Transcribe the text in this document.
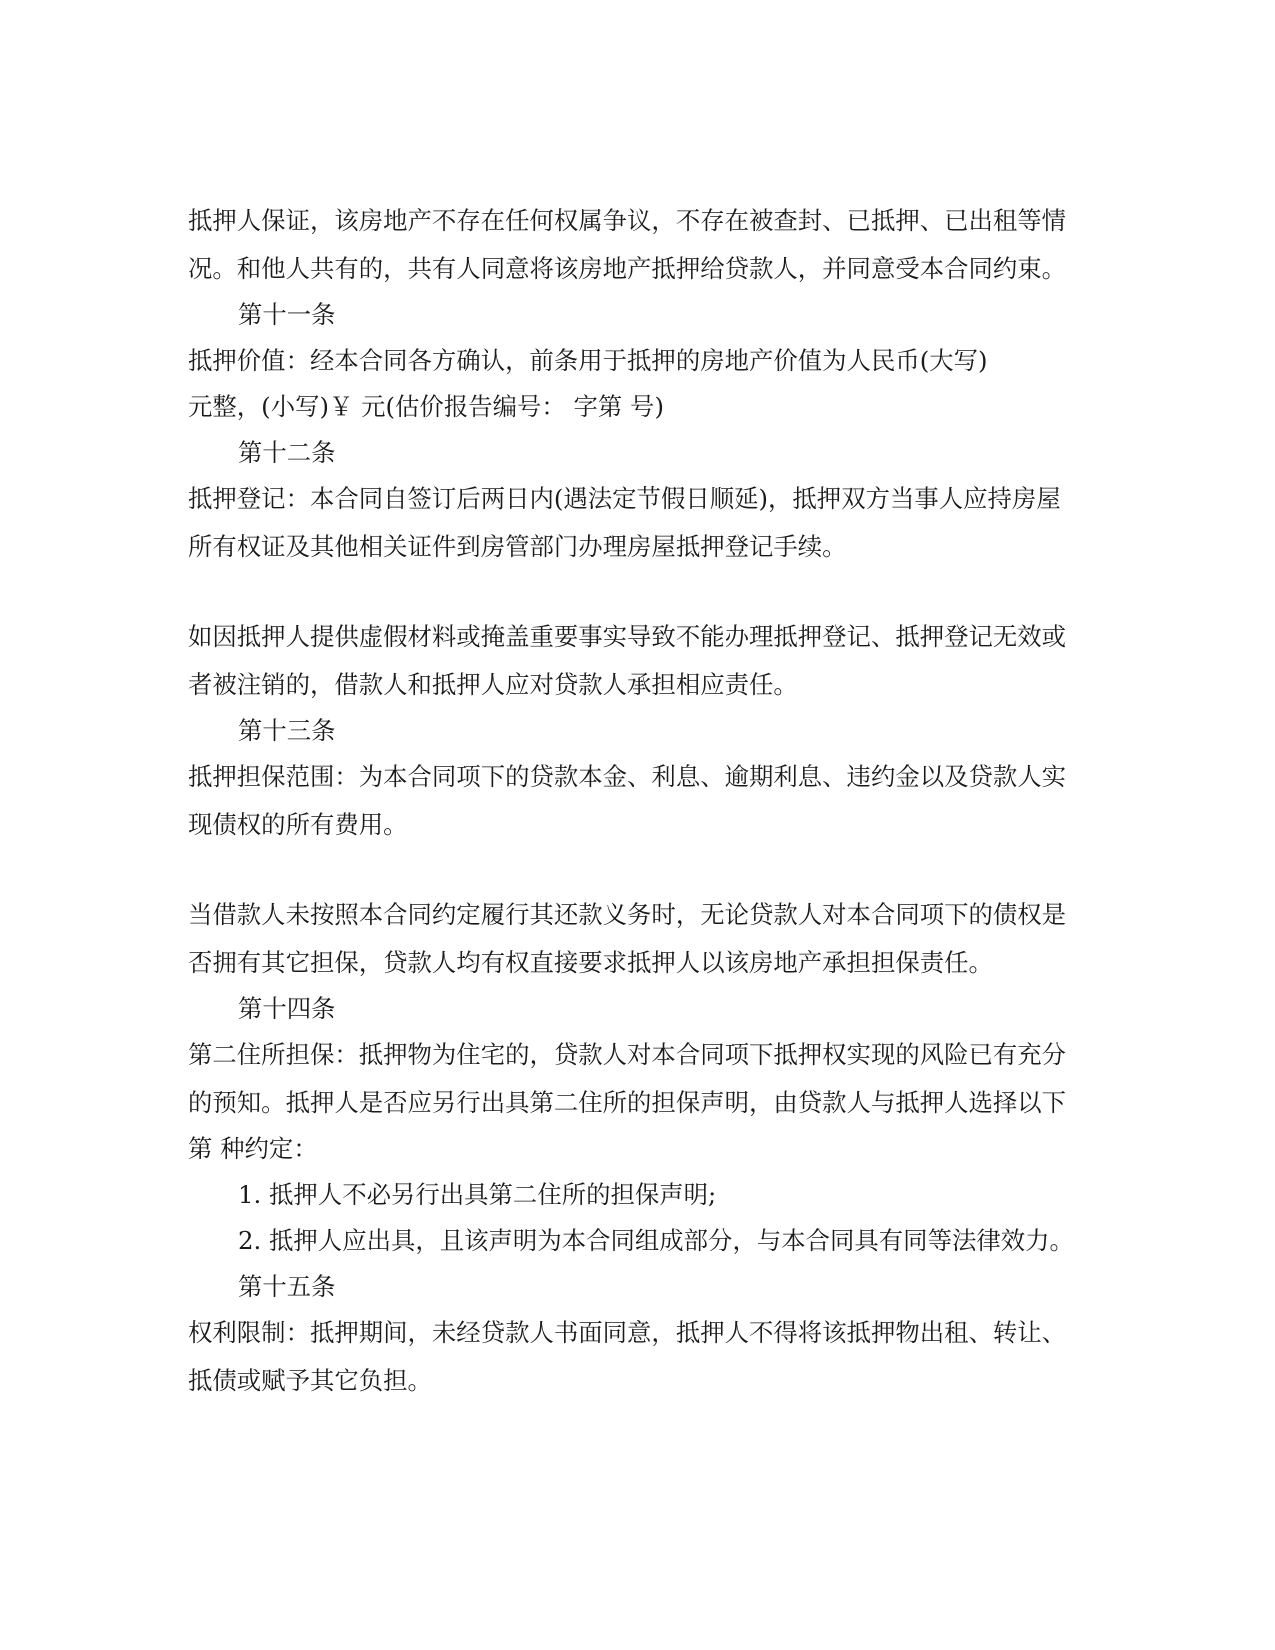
抵押人保证，该房地产不存在任何权属争议，不存在被查封、已抵押、已出租等情
况。和他人共有的，共有人同意将该房地产抵押给贷款人，并同意受本合同约束。
第十一条
抵押价值：经本合同各方确认，前条用于抵押的房地产价值为人民币(大写)
元整，(小写)￥ 元(估价报告编号： 字第 号)
第十二条
抵押登记：本合同自签订后两日内(遇法定节假日顺延)，抵押双方当事人应持房屋
所有权证及其他相关证件到房管部门办理房屋抵押登记手续。
如因抵押人提供虚假材料或掩盖重要事实导致不能办理抵押登记、抵押登记无效或
者被注销的，借款人和抵押人应对贷款人承担相应责任。
第十三条
抵押担保范围：为本合同项下的贷款本金、利息、逾期利息、违约金以及贷款人实
现债权的所有费用。
当借款人未按照本合同约定履行其还款义务时，无论贷款人对本合同项下的债权是
否拥有其它担保，贷款人均有权直接要求抵押人以该房地产承担担保责任。
第十四条
第二住所担保：抵押物为住宅的，贷款人对本合同项下抵押权实现的风险已有充分
的预知。抵押人是否应另行出具第二住所的担保声明，由贷款人与抵押人选择以下
第 种约定：
1. 抵押人不必另行出具第二住所的担保声明;
2. 抵押人应出具，且该声明为本合同组成部分，与本合同具有同等法律效力。
第十五条
权利限制：抵押期间，未经贷款人书面同意，抵押人不得将该抵押物出租、转让、
抵债或赋予其它负担。
